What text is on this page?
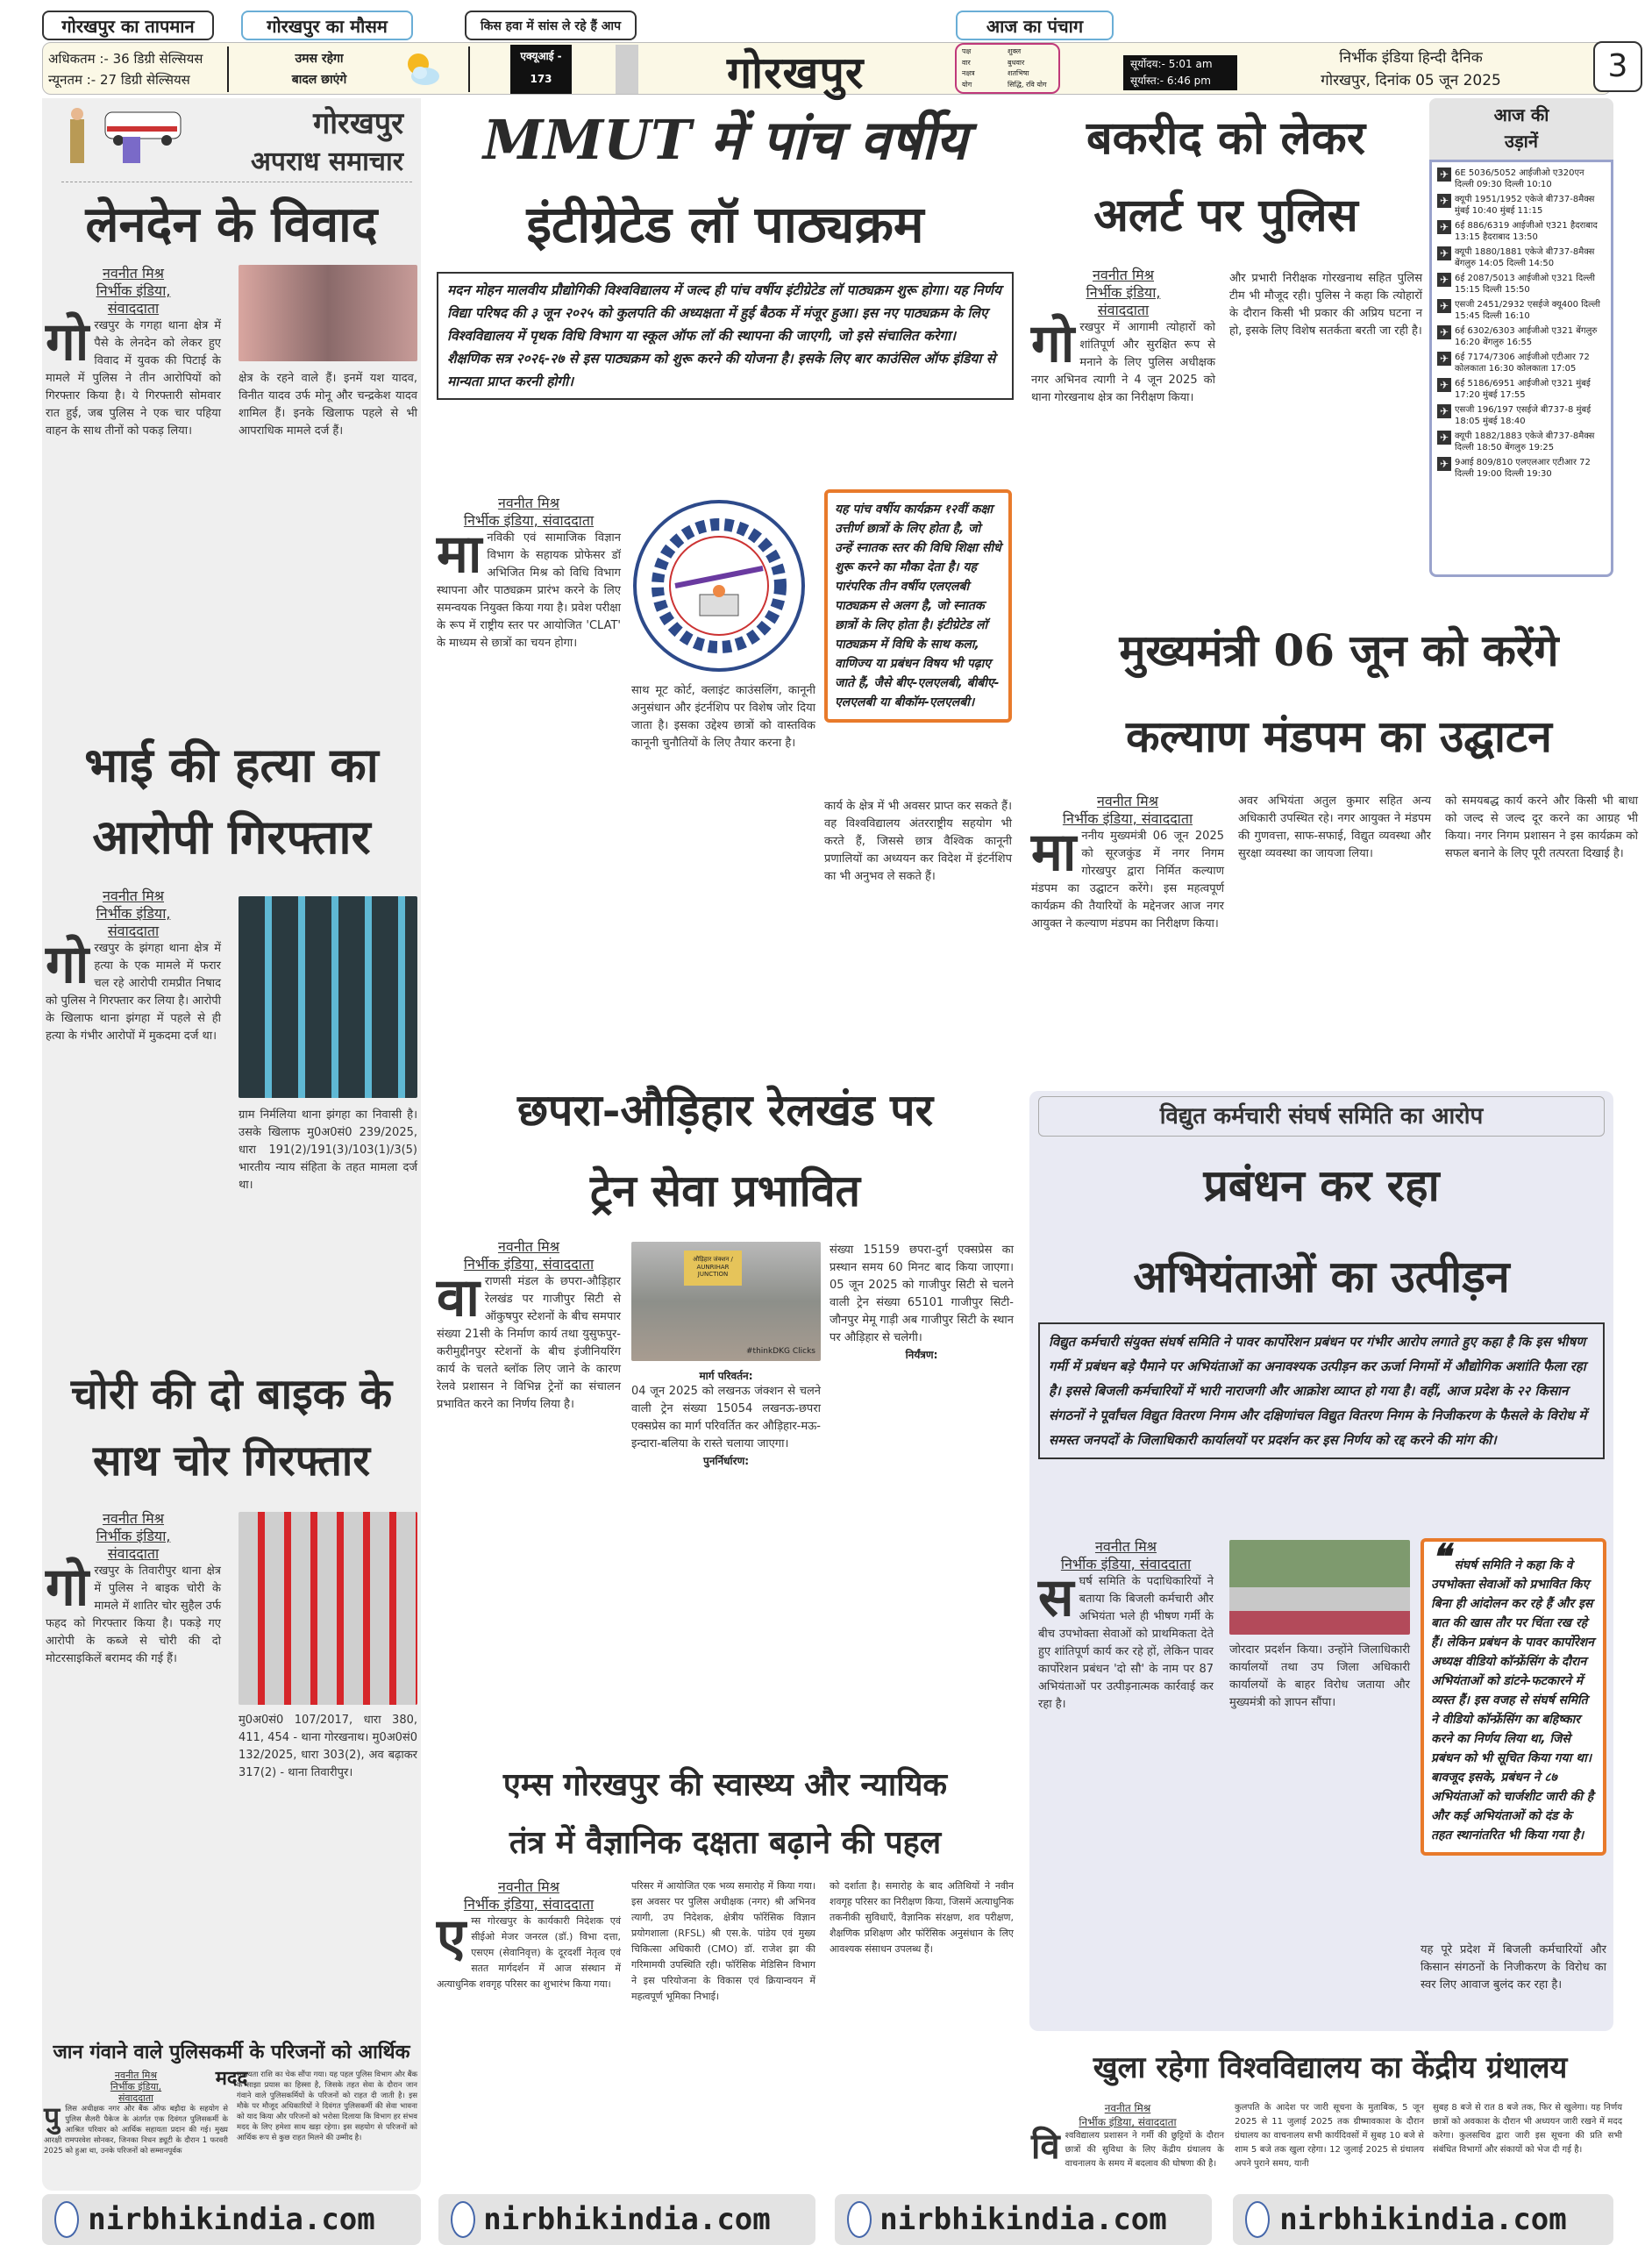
गोरखपुर का तापमान	गोरखपुर का मौसम	किस हवा में सांस ले रहे हैं आप	आज का पंचाग
अधिकतम :- 36 डिग्री सेल्सियस
न्यूनतम :- 27 डिग्री सेल्सियस
उमस रहेगा
बादल छाएंगे
एक्यूआई - 173
(खराब)
गोरखपुर	पक्ष	शुक्ल
वार	बुधवार
नक्षत्र	शतभिषा
योग	सिद्धि, रवि योग
सूर्योदय:- 5:01 am
सूर्यास्त:- 6:46 pm
निर्भीक इंडिया हिन्दी दैनिक
गोरखपुर, दिनांक 05 जून 2025	3
गोरखपुर
अपराध समाचार
लेनदेन के विवाद
नवनीत मिश्र
निर्भीक इंडिया,
संवाददाता

गोरखपुर के गगहा थाना क्षेत्र में पैसे के लेनदेन को लेकर हुए विवाद में युवक की पिटाई के मामले में पुलिस ने तीन आरोपियों को गिरफ्तार किया है। ये गिरफ्तारी सोमवार रात हुई, जब पुलिस ने एक चार पहिया वाहन के साथ तीनों को पकड़ लिया।

क्षेत्र के रहने वाले हैं। इनमें यश यादव, विनीत यादव उर्फ मोनू और चन्द्रकेश यादव शामिल हैं। इनके खिलाफ पहले से भी आपराधिक मामले दर्ज हैं।

भाई की हत्या का आरोपी गिरफ्तार
नवनीत मिश्र
निर्भीक इंडिया,
संवाददाता

गोरखपुर के झंगहा थाना क्षेत्र में हत्या के एक मामले में फरार चल रहे आरोपी रामप्रीत निषाद को पुलिस ने गिरफ्तार कर लिया है। आरोपी के खिलाफ थाना झंगहा में पहले से ही हत्या के गंभीर आरोपों में मुकदमा दर्ज था।

ग्राम निर्मलिया थाना झंगहा का निवासी है। उसके खिलाफ मु0अ0सं0 239/2025, धारा 191(2)/191(3)/103(1)/3(5) भारतीय न्याय संहिता के तहत मामला दर्ज था।

चोरी की दो बाइक के साथ चोर गिरफ्तार
नवनीत मिश्र
निर्भीक इंडिया,
संवाददाता

गोरखपुर के तिवारीपुर थाना क्षेत्र में पुलिस ने बाइक चोरी के मामले में शातिर चोर सुहैल उर्फ फहद को गिरफ्तार किया है। पकड़े गए आरोपी के कब्जे से चोरी की दो मोटरसाइकिलें बरामद की गई हैं।

मु0अ0सं0 107/2017, धारा 380, 411, 454 - थाना गोरखनाथ। मु0अ0सं0 132/2025, धारा 303(2), अव बढ़ाकर 317(2) - थाना तिवारीपुर।

जान गंवाने वाले पुलिसकर्मी के परिजनों को आर्थिक मदद
नवनीत मिश्र
निर्भीक इंडिया,
संवाददाता

पुलिस अधीक्षक नगर और बैंक ऑफ बड़ौदा के सहयोग से पुलिस सैलरी पैकेज के अंतर्गत एक दिवंगत पुलिसकर्मी के आश्रित परिवार को आर्थिक सहायता प्रदान की गई। मुख्य आरक्षी रामपरवेश सोनकर, जिनका निधन ड्यूटी के दौरान 1 फरवरी 2025 को हुआ था, उनके परिजनों को सम्मानपूर्वक

सहायता राशि का चेक सौंपा गया। यह पहल पुलिस विभाग और बैंक के साझा प्रयास का हिस्सा है, जिसके तहत सेवा के दौरान जान गंवाने वाले पुलिसकर्मियों के परिजनों को राहत दी जाती है। इस मौके पर मौजूद अधिकारियों ने दिवंगत पुलिसकर्मी की सेवा भावना को याद किया और परिजनों को भरोसा दिलाया कि विभाग हर संभव मदद के लिए हमेशा साथ खड़ा रहेगा। इस सहयोग से परिजनों को आर्थिक रूप से कुछ राहत मिलने की उम्मीद है।

MMUT में पांच वर्षीय
इंटीग्रेटेड लॉ पाठ्यक्रम
मदन मोहन मालवीय प्रौद्योगिकी विश्वविद्यालय में जल्द ही पांच वर्षीय इंटीग्रेटेड लॉ पाठ्यक्रम शुरू होगा। यह निर्णय विद्या परिषद की ३ जून २०२५ को कुलपति की अध्यक्षता में हुई बैठक में मंजूर हुआ। इस नए पाठ्यक्रम के लिए विश्वविद्यालय में पृथक विधि विभाग या स्कूल ऑफ लॉ की स्थापना की जाएगी, जो इसे संचालित करेगा। शैक्षणिक सत्र २०२६-२७ से इस पाठ्यक्रम को शुरू करने की योजना है। इसके लिए बार काउंसिल ऑफ इंडिया से मान्यता प्राप्त करनी होगी।
नवनीत मिश्र
निर्भीक इंडिया, संवाददाता

मानविकी एवं सामाजिक विज्ञान विभाग के सहायक प्रोफेसर डॉ अभिजित मिश्र को विधि विभाग स्थापना और पाठ्यक्रम प्रारंभ करने के लिए समन्वयक नियुक्त किया गया है। प्रवेश परीक्षा के रूप में राष्ट्रीय स्तर पर आयोजित 'CLAT' के माध्यम से छात्रों का चयन होगा।

यह पांच वर्षीय कार्यक्रम १२वीं कक्षा उत्तीर्ण छात्रों के लिए होता है, जो उन्हें स्नातक स्तर की विधि शिक्षा सीधे शुरू करने का मौका देता है। यह पारंपरिक तीन वर्षीय एलएलबी पाठ्यक्रम से अलग है, जो स्नातक छात्रों के लिए होता है। इंटीग्रेटेड लॉ पाठ्यक्रम में विधि के साथ कला, वाणिज्य या प्रबंधन विषय भी पढ़ाए जाते हैं, जैसे बीए-एलएलबी, बीबीए-एलएलबी या बीकॉम-एलएलबी।

साथ मूट कोर्ट, क्लाइंट काउंसलिंग, कानूनी अनुसंधान और इंटर्नशिप पर विशेष जोर दिया जाता है। इसका उद्देश्य छात्रों को वास्तविक कानूनी चुनौतियों के लिए तैयार करना है।

कार्य के क्षेत्र में भी अवसर प्राप्त कर सकते हैं। वह विश्वविद्यालय अंतरराष्ट्रीय सहयोग भी करते हैं, जिससे छात्र वैश्विक कानूनी प्रणालियों का अध्ययन कर विदेश में इंटर्नशिप का भी अनुभव ले सकते हैं।

छपरा-औड़िहार रेलखंड पर
ट्रेन सेवा प्रभावित
नवनीत मिश्र
निर्भीक इंडिया, संवाददाता

वाराणसी मंडल के छपरा-औड़िहार रेलखंड पर गाजीपुर सिटी से ऑकुषपुर स्टेशनों के बीच समपार संख्या 21सी के निर्माण कार्य तथा युसुफपुर-करीमुद्दीनपुर स्टेशनों के बीच इंजीनियरिंग कार्य के चलते ब्लॉक लिए जाने के कारण रेलवे प्रशासन ने विभिन्न ट्रेनों का संचालन प्रभावित करने का निर्णय लिया है।

औड़िहार जंक्शन / AUNRIHAR JUNCTION
#thinkDKG Clicks
मार्ग परिवर्तन:

04 जून 2025 को लखनऊ जंक्शन से चलने वाली ट्रेन संख्या 15054 लखनऊ-छपरा एक्सप्रेस का मार्ग परिवर्तित कर औड़िहार-मऊ-इन्दारा-बलिया के रास्ते चलाया जाएगा।

पुनर्निर्धारण:

संख्या 15159 छपरा-दुर्ग एक्सप्रेस का प्रस्थान समय 60 मिनट बाद किया जाएगा। 05 जून 2025 को गाजीपुर सिटी से चलने वाली ट्रेन संख्या 65101 गाजीपुर सिटी-जौनपुर मेमू गाड़ी अब गाजीपुर सिटी के स्थान पर औड़िहार से चलेगी।

निर्यंत्रण:
एम्स गोरखपुर की स्वास्थ्य और न्यायिक
तंत्र में वैज्ञानिक दक्षता बढ़ाने की पहल
नवनीत मिश्र
निर्भीक इंडिया, संवाददाता

एम्स गोरखपुर के कार्यकारी निदेशक एवं सीईओ मेजर जनरल (डॉ.) विभा दत्ता, एसएम (सेवानिवृत्त) के दूरदर्शी नेतृत्व एवं सतत मार्गदर्शन में आज संस्थान में अत्याधुनिक शवगृह परिसर का शुभारंभ किया गया।

परिसर में आयोजित एक भव्य समारोह में किया गया। इस अवसर पर पुलिस अधीक्षक (नगर) श्री अभिनव त्यागी, उप निदेशक, क्षेत्रीय फॉरेंसिक विज्ञान प्रयोगशाला (RFSL) श्री एस.के. पांडेय एवं मुख्य चिकित्सा अधिकारी (CMO) डॉ. राजेश झा की गरिमामयी उपस्थिति रही। फॉरेंसिक मेडिसिन विभाग ने इस परियोजना के विकास एवं क्रियान्वयन में महत्वपूर्ण भूमिका निभाई।

को दर्शाता है। समारोह के बाद अतिथियों ने नवीन शवगृह परिसर का निरीक्षण किया, जिसमें अत्याधुनिक तकनीकी सुविधाएँ, वैज्ञानिक संरक्षण, शव परीक्षण, शैक्षणिक प्रशिक्षण और फॉरेंसिक अनुसंधान के लिए आवश्यक संसाधन उपलब्ध हैं।

बकरीद को लेकर
अलर्ट पर पुलिस
नवनीत मिश्र
निर्भीक इंडिया,
संवाददाता

गोरखपुर में आगामी त्योहारों को शांतिपूर्ण और सुरक्षित रूप से मनाने के लिए पुलिस अधीक्षक नगर अभिनव त्यागी ने 4 जून 2025 को थाना गोरखनाथ क्षेत्र का निरीक्षण किया।

और प्रभारी निरीक्षक गोरखनाथ सहित पुलिस टीम भी मौजूद रही। पुलिस ने कहा कि त्योहारों के दौरान किसी भी प्रकार की अप्रिय घटना न हो, इसके लिए विशेष सतर्कता बरती जा रही है।

मुख्यमंत्री 06 जून को करेंगे
कल्याण मंडपम का उद्घाटन
नवनीत मिश्र
निर्भीक इंडिया, संवाददाता

माननीय मुख्यमंत्री 06 जून 2025 को सूरजकुंड में नगर निगम गोरखपुर द्वारा निर्मित कल्याण मंडपम का उद्घाटन करेंगे। इस महत्वपूर्ण कार्यक्रम की तैयारियों के मद्देनजर आज नगर आयुक्त ने कल्याण मंडपम का निरीक्षण किया।

अवर अभियंता अतुल कुमार सहित अन्य अधिकारी उपस्थित रहे। नगर आयुक्त ने मंडपम की गुणवत्ता, साफ-सफाई, विद्युत व्यवस्था और सुरक्षा व्यवस्था का जायजा लिया।

को समयबद्ध कार्य करने और किसी भी बाधा को जल्द से जल्द दूर करने का आग्रह भी किया। नगर निगम प्रशासन ने इस कार्यक्रम को सफल बनाने के लिए पूरी तत्परता दिखाई है।

आज की
उड़ानें
✈ 6E 5036/5052 आईजीओ ए320एन दिल्ली 09:30 दिल्ली 10:10
✈ क्यूपी 1951/1952 एकेजे बी737-8मैक्स मुंबई 10:40 मुंबई 11:15
✈ 6ई 886/6319 आईजीओ ए321 हैदराबाद 13:15 हैदराबाद 13:50
✈ क्यूपी 1880/1881 एकेजे बी737-8मैक्स बेंगलुरु 14:05 दिल्ली 14:50
✈ 6ई 2087/5013 आईजीओ ए321 दिल्ली 15:15 दिल्ली 15:50
✈ एसजी 2451/2932 एसईजे क्यू400 दिल्ली 15:45 दिल्ली 16:10
✈ 6ई 6302/6303 आईजीओ ए321 बेंगलुरु 16:20 बेंगलुरु 16:55
✈ 6ई 7174/7306 आईजीओ एटीआर 72 कोलकाता 16:30 कोलकाता 17:05
✈ 6ई 5186/6951 आईजीओ ए321 मुंबई 17:20 मुंबई 17:55
✈ एसजी 196/197 एसईजे बी737-8 मुंबई 18:05 मुंबई 18:40
✈ क्यूपी 1882/1883 एकेजे बी737-8मैक्स दिल्ली 18:50 बेंगलुरु 19:25
✈ 9आई 809/810 एलएलआर एटीआर 72 दिल्ली 19:00 दिल्ली 19:30
विद्युत कर्मचारी संघर्ष समिति का आरोप
प्रबंधन कर रहा
अभियंताओं का उत्पीड़न
विद्युत कर्मचारी संयुक्त संघर्ष समिति ने पावर कार्पोरेशन प्रबंधन पर गंभीर आरोप लगाते हुए कहा है कि इस भीषण गर्मी में प्रबंधन बड़े पैमाने पर अभियंताओं का अनावश्यक उत्पीड़न कर ऊर्जा निगमों में औद्योगिक अशांति फैला रहा है। इससे बिजली कर्मचारियों में भारी नाराजगी और आक्रोश व्याप्त हो गया है। वहीं, आज प्रदेश के २२ किसान संगठनों ने पूर्वांचल विद्युत वितरण निगम और दक्षिणांचल विद्युत वितरण निगम के निजीकरण के फैसले के विरोध में समस्त जनपदों के जिलाधिकारी कार्यालयों पर प्रदर्शन कर इस निर्णय को रद्द करने की मांग की।
नवनीत मिश्र
निर्भीक इंडिया, संवाददाता

सघर्ष समिति के पदाधिकारियों ने बताया कि बिजली कर्मचारी और अभियंता भले ही भीषण गर्मी के बीच उपभोक्ता सेवाओं को प्राथमिकता देते हुए शांतिपूर्ण कार्य कर रहे हों, लेकिन पावर कार्पोरेशन प्रबंधन 'दो सौ' के नाम पर 87 अभियंताओं पर उत्पीड़नात्मक कार्रवाई कर रहा है।

जोरदार प्रदर्शन किया। उन्होंने जिलाधिकारी कार्यालयों तथा उप जिला अधिकारी कार्यालयों के बाहर विरोध जताया और मुख्यमंत्री को ज्ञापन सौंपा।

❝ संघर्ष समिति ने कहा कि वे उपभोक्ता सेवाओं को प्रभावित किए बिना ही आंदोलन कर रहे हैं और इस बात की खास तौर पर चिंता रख रहे हैं। लेकिन प्रबंधन के पावर कार्पोरेशन अध्यक्ष वीडियो कॉन्फ्रेंसिंग के दौरान अभियंताओं को डांटने-फटकारने में व्यस्त हैं। इस वजह से संघर्ष समिति ने वीडियो कॉन्फ्रेंसिंग का बहिष्कार करने का निर्णय लिया था, जिसे प्रबंधन को भी सूचित किया गया था। बावजूद इसके, प्रबंधन ने ८७ अभियंताओं को चार्जशीट जारी की है और कई अभियंताओं को दंड के तहत स्थानांतरित भी किया गया है।

यह पूरे प्रदेश में बिजली कर्मचारियों और किसान संगठनों के निजीकरण के विरोध का स्वर लिए आवाज बुलंद कर रहा है।

खुला रहेगा विश्वविद्यालय का केंद्रीय ग्रंथालय
नवनीत मिश्र
निर्भीक इंडिया, संवाददाता

विश्वविद्यालय प्रशासन ने गर्मी की छुट्टियों के दौरान छात्रों की सुविधा के लिए केंद्रीय ग्रंथालय के वाचनालय के समय में बदलाव की घोषणा की है।

कुलपति के आदेश पर जारी सूचना के मुताबिक, 5 जून 2025 से 11 जुलाई 2025 तक ग्रीष्मावकाश के दौरान ग्रंथालय का वाचनालय सभी कार्यदिवसों में सुबह 10 बजे से शाम 5 बजे तक खुला रहेगा। 12 जुलाई 2025 से ग्रंथालय अपने पुराने समय, यानी

सुबह 8 बजे से रात 8 बजे तक, फिर से खुलेगा। यह निर्णय छात्रों को अवकाश के दौरान भी अध्ययन जारी रखने में मदद करेगा। कुलसचिव द्वारा जारी इस सूचना की प्रति सभी संबंधित विभागों और संकायों को भेज दी गई है।

nirbhikindia.com	nirbhikindia.com	nirbhikindia.com	nirbhikindia.com
